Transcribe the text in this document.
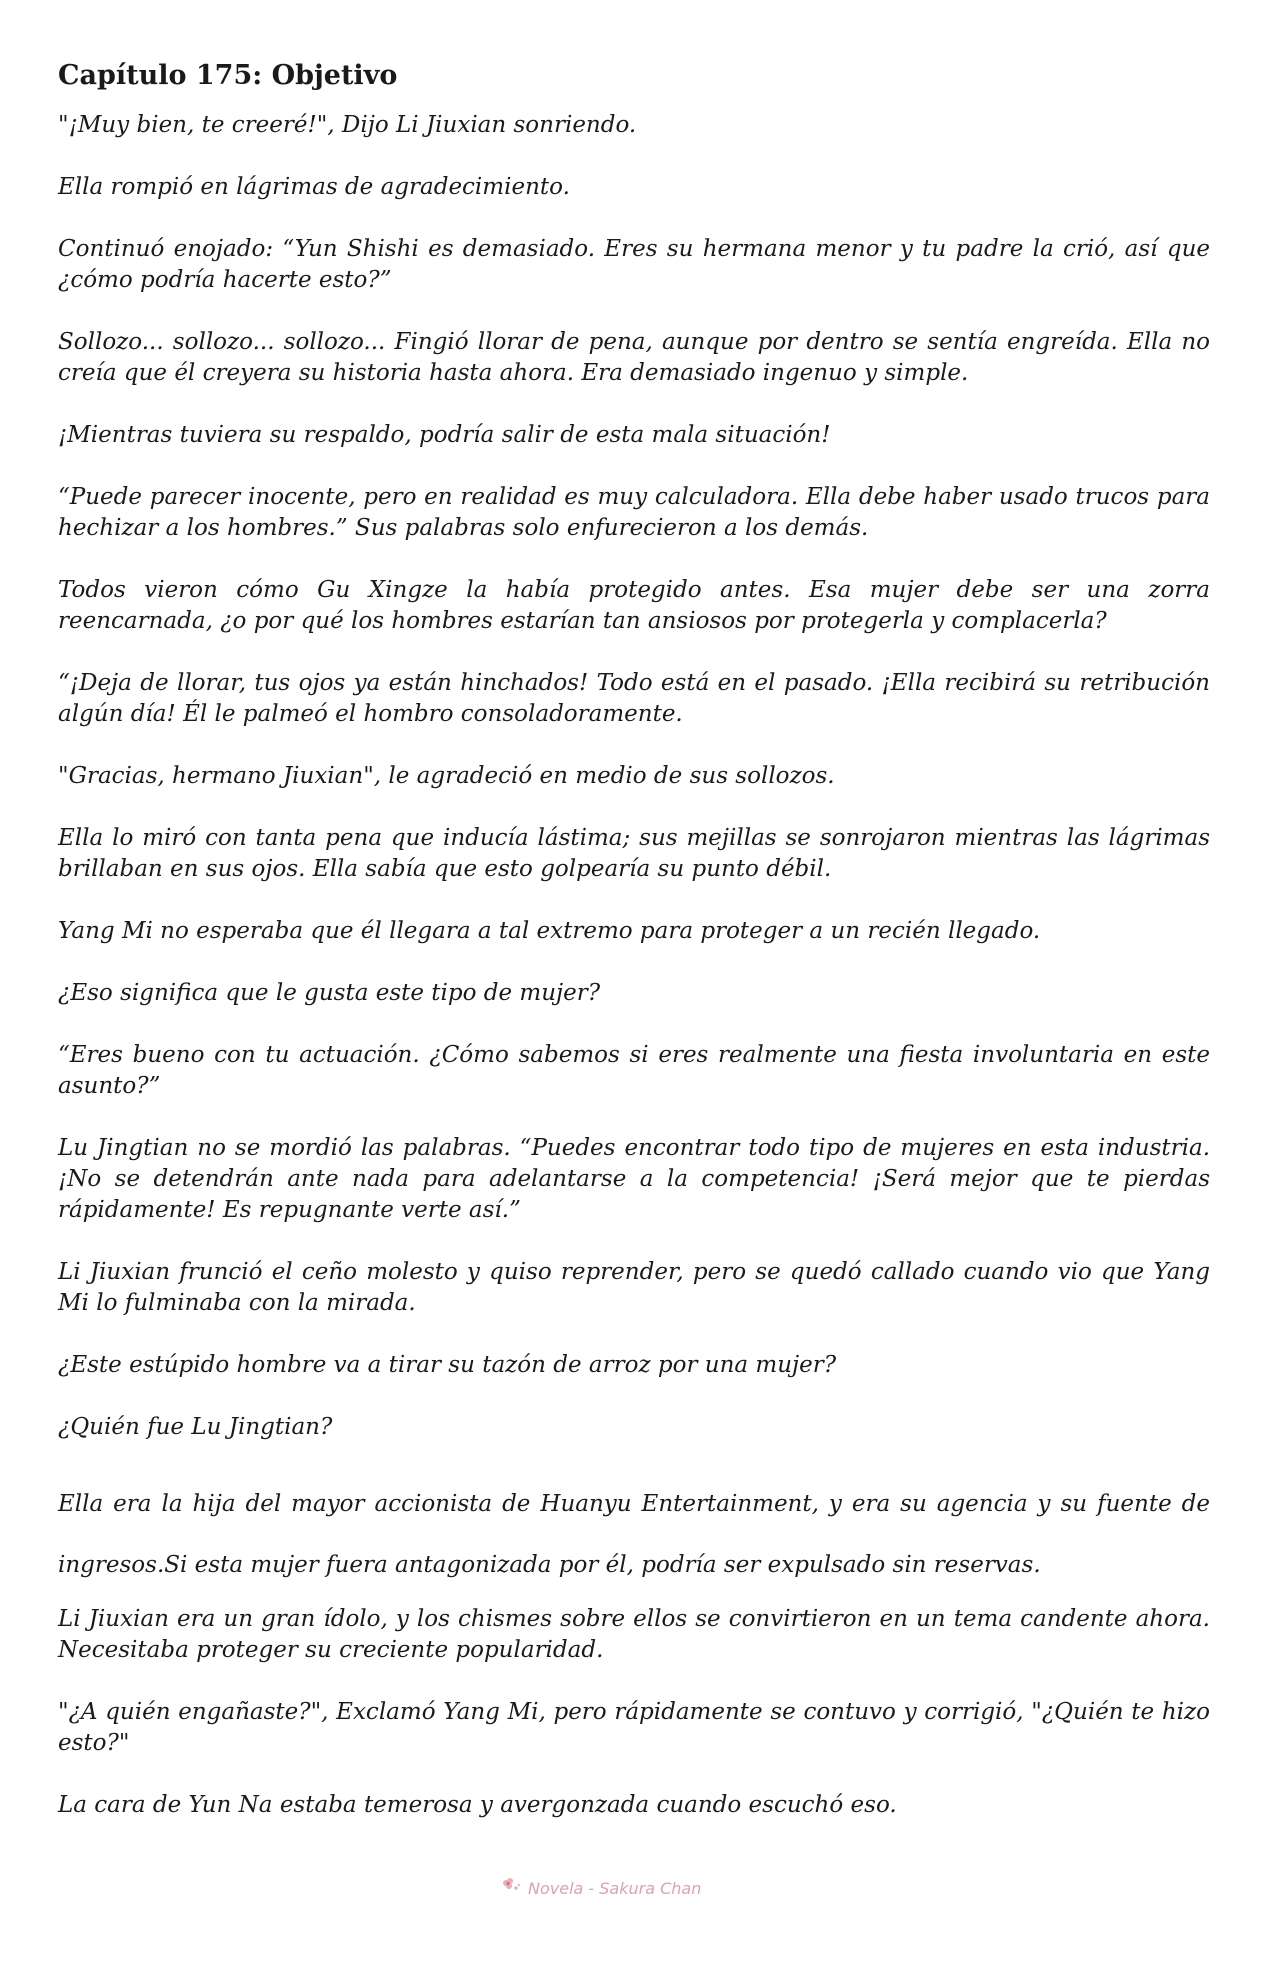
Capítulo 175: Objetivo

"¡Muy bien, te creeré!", Dijo Li Jiuxian sonriendo.

Ella rompió en lágrimas de agradecimiento.

Continuó enojado: “Yun Shishi es demasiado. Eres su hermana menor y tu padre la crió, así que ¿cómo podría hacerte esto?”

Sollozo... sollozo... sollozo... Fingió llorar de pena, aunque por dentro se sentía engreída. Ella no creía que él creyera su historia hasta ahora. Era demasiado ingenuo y simple.

¡Mientras tuviera su respaldo, podría salir de esta mala situación!

“Puede parecer inocente, pero en realidad es muy calculadora. Ella debe haber usado trucos para hechizar a los hombres.” Sus palabras solo enfurecieron a los demás.

Todos vieron cómo Gu Xingze la había protegido antes. Esa mujer debe ser una zorra reencarnada, ¿o por qué los hombres estarían tan ansiosos por protegerla y complacerla?

“¡Deja de llorar, tus ojos ya están hinchados! Todo está en el pasado. ¡Ella recibirá su retribución algún día! Él le palmeó el hombro consoladoramente.

"Gracias, hermano Jiuxian", le agradeció en medio de sus sollozos.

Ella lo miró con tanta pena que inducía lástima; sus mejillas se sonrojaron mientras las lágrimas brillaban en sus ojos. Ella sabía que esto golpearía su punto débil.

Yang Mi no esperaba que él llegara a tal extremo para proteger a un recién llegado.

¿Eso significa que le gusta este tipo de mujer?

“Eres bueno con tu actuación. ¿Cómo sabemos si eres realmente una fiesta involuntaria en este asunto?”

Lu Jingtian no se mordió las palabras. “Puedes encontrar todo tipo de mujeres en esta industria. ¡No se detendrán ante nada para adelantarse a la competencia! ¡Será mejor que te pierdas rápidamente! Es repugnante verte así.”

Li Jiuxian frunció el ceño molesto y quiso reprender, pero se quedó callado cuando vio que Yang Mi lo fulminaba con la mirada.

¿Este estúpido hombre va a tirar su tazón de arroz por una mujer?

¿Quién fue Lu Jingtian?

Ella era la hija del mayor accionista de Huanyu Entertainment, y era su agencia y su fuente de ingresos.Si esta mujer fuera antagonizada por él, podría ser expulsado sin reservas.

Li Jiuxian era un gran ídolo, y los chismes sobre ellos se convirtieron en un tema candente ahora. Necesitaba proteger su creciente popularidad.

"¿A quién engañaste?", Exclamó Yang Mi, pero rápidamente se contuvo y corrigió, "¿Quién te hizo esto?"

La cara de Yun Na estaba temerosa y avergonzada cuando escuchó eso.

Novela - Sakura Chan
